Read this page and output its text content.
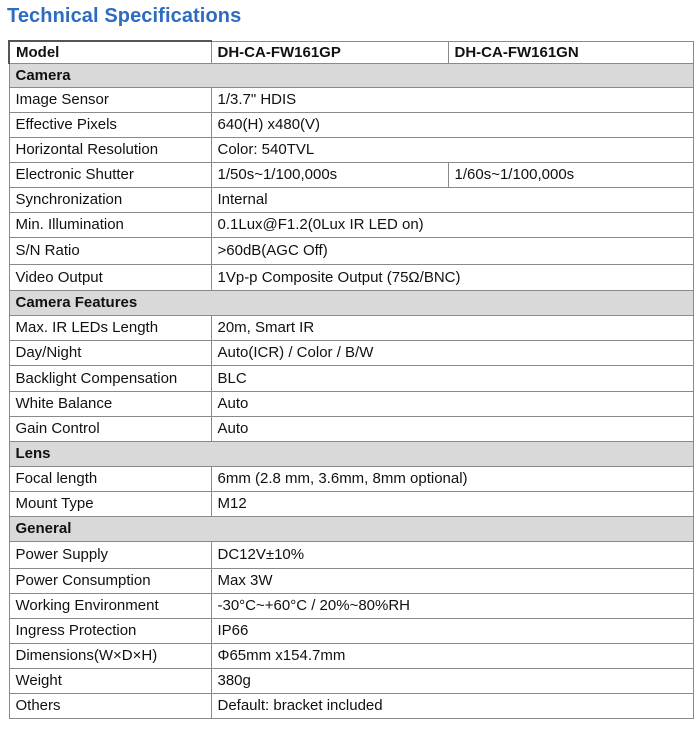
Technical Specifications
Model	DH-CA-FW161GP	DH-CA-FW161GN
Camera		
Image Sensor	1/3.7" HDIS	
Effective Pixels	640(H) x480(V)	
Horizontal Resolution	Color: 540TVL	
Electronic Shutter	1/50s~1/100,000s	1/60s~1/100,000s
Synchronization	Internal	
Min. Illumination	0.1Lux@F1.2(0Lux IR LED on)	
S/N Ratio	>60dB(AGC Off)	
Video Output	1Vp-p Composite Output (75Ω/BNC)	
Camera Features		
Max. IR LEDs Length	20m, Smart IR	
Day/Night	Auto(ICR) / Color / B/W	
Backlight Compensation	BLC	
White Balance	Auto	
Gain Control	Auto	
Lens		
Focal length	6mm (2.8 mm, 3.6mm, 8mm optional)	
Mount Type	M12	
General		
Power Supply	DC12V±10%	
Power Consumption	Max 3W	
Working Environment	-30°C~+60°C / 20%~80%RH	
Ingress Protection	IP66	
Dimensions(W×D×H)	Φ65mm x154.7mm	
Weight	380g	
Others	Default: bracket included	
